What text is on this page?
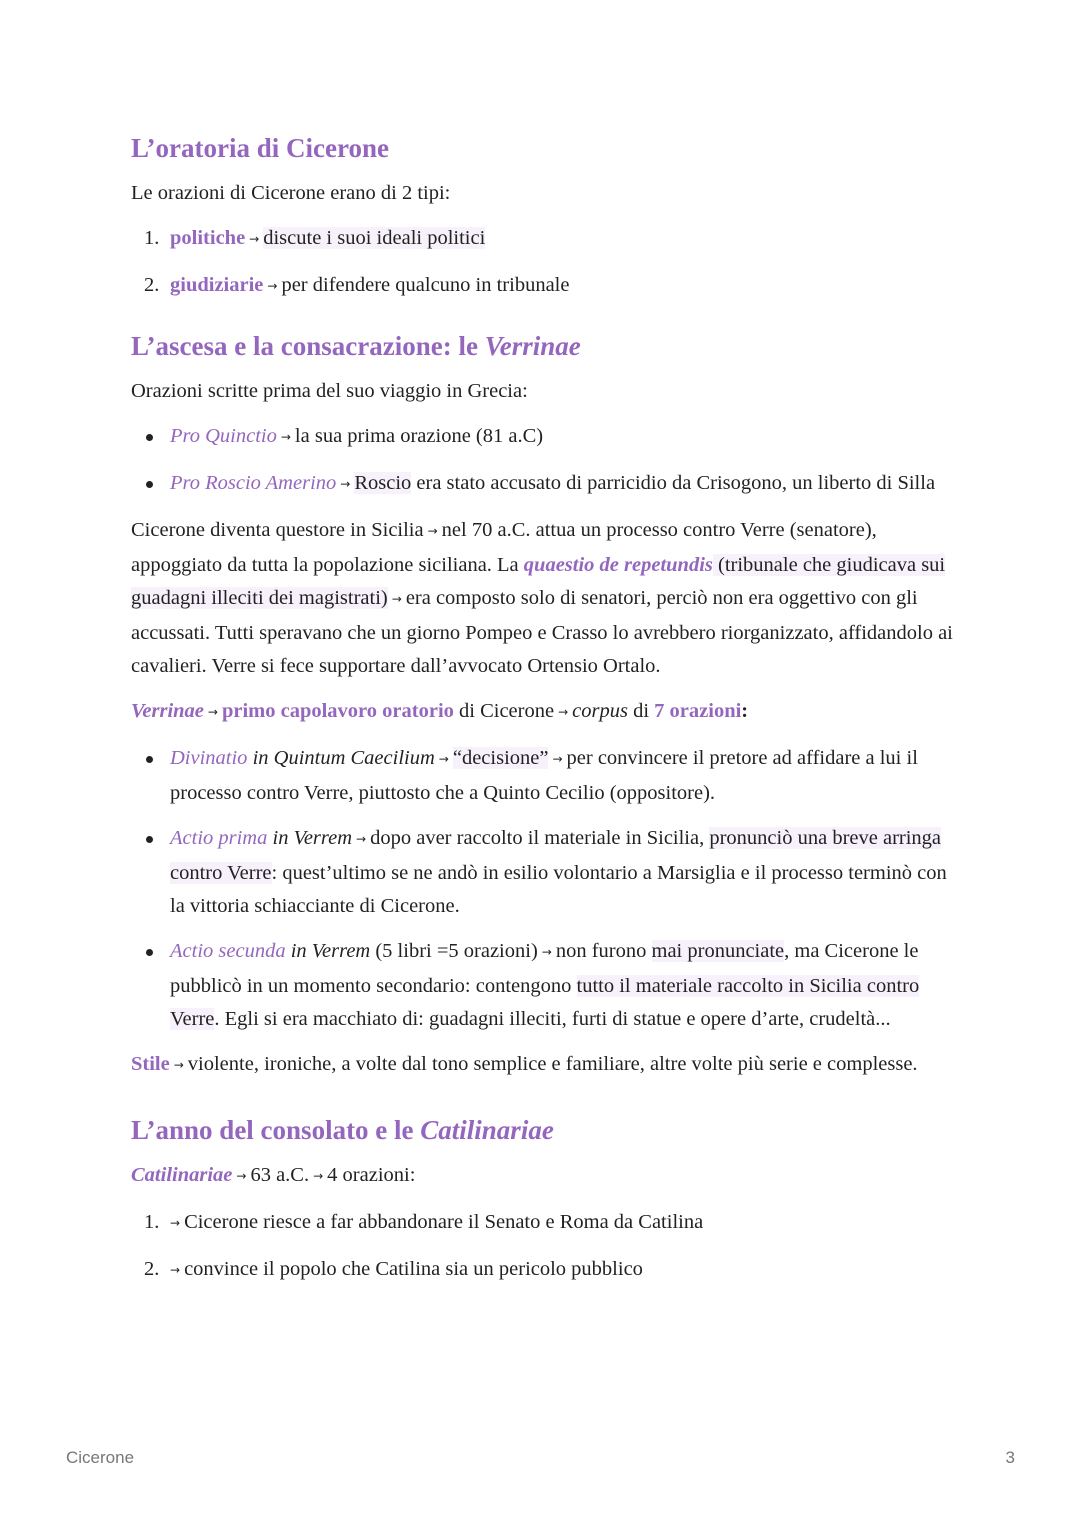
L’oratoria di Cicerone

Le orazioni di Cicerone erano di 2 tipi:

1. politiche → discute i suoi ideali politici
2. giudiziarie → per difendere qualcuno in tribunale
L’ascesa e la consacrazione: le Verrinae

Orazioni scritte prima del suo viaggio in Grecia:

Pro Quinctio → la sua prima orazione (81 a.C)
Pro Roscio Amerino → Roscio era stato accusato di parricidio da Crisogono, un liberto di Silla

Cicerone diventa questore in Sicilia → nel 70 a.C. attua un processo contro Verre (senatore), appoggiato da tutta la popolazione siciliana. La quaestio de repetundis (tribunale che giudicava sui guadagni illeciti dei magistrati) → era composto solo di senatori, perciò non era oggettivo con gli accussati. Tutti speravano che un giorno Pompeo e Crasso lo avrebbero riorganizzato, affidandolo ai cavalieri. Verre si fece supportare dall’avvocato Ortensio Ortalo.

Verrinae → primo capolavoro oratorio di Cicerone → corpus di 7 orazioni:

Divinatio in Quintum Caecilium → “decisione” → per convincere il pretore ad affidare a lui il processo contro Verre, piuttosto che a Quinto Cecilio (oppositore).
Actio prima in Verrem → dopo aver raccolto il materiale in Sicilia, pronunciò una breve arringa contro Verre: quest’ultimo se ne andò in esilio volontario a Marsiglia e il processo terminò con la vittoria schiacciante di Cicerone.
Actio secunda in Verrem (5 libri =5 orazioni) → non furono mai pronunciate, ma Cicerone le pubblicò in un momento secondario: contengono tutto il materiale raccolto in Sicilia contro Verre. Egli si era macchiato di: guadagni illeciti, furti di statue e opere d’arte, crudeltà...

Stile → violente, ironiche, a volte dal tono semplice e familiare, altre volte più serie e complesse.

L’anno del consolato e le Catilinariae

Catilinariae → 63 a.C. → 4 orazioni:

1. → Cicerone riesce a far abbandonare il Senato e Roma da Catilina
2. → convince il popolo che Catilina sia un pericolo pubblico
Cicerone	3
